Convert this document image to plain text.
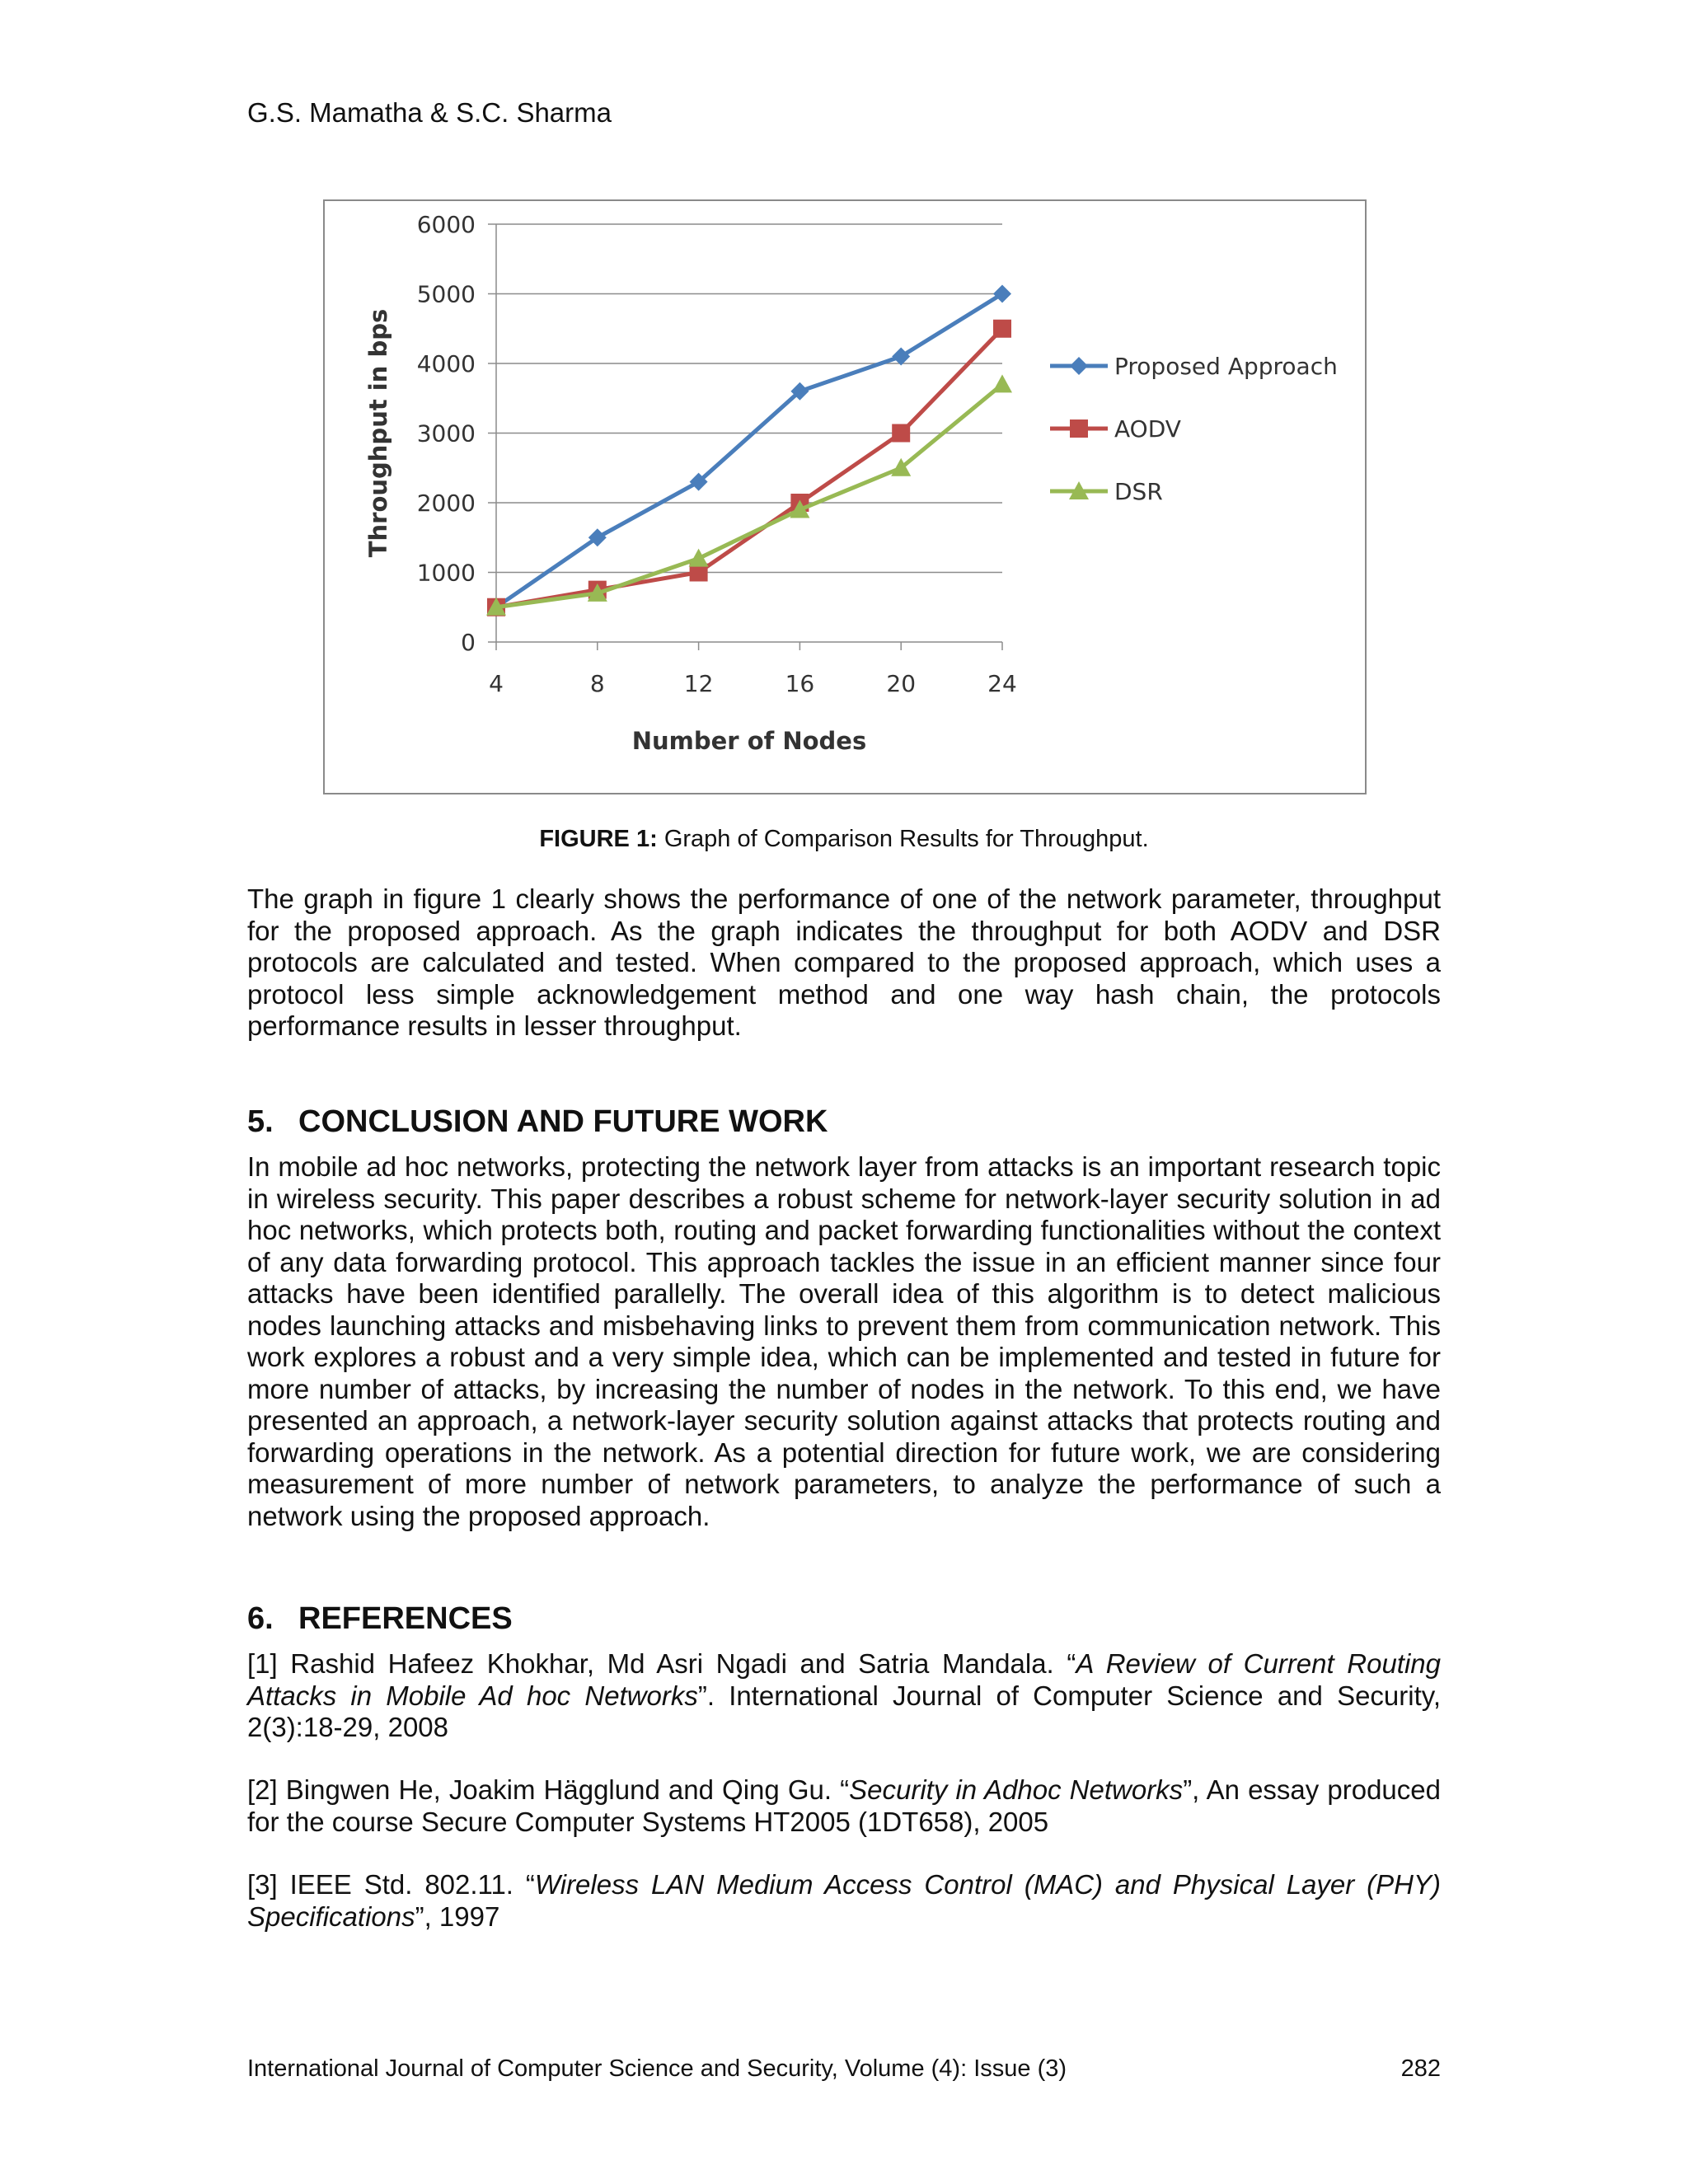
G.S. Mamatha & S.C. Sharma
0
1000
2000
3000
4000
5000
6000
4	8	12	16	20	24
Number of Nodes
Throughput in bps	Proposed Approach
AODV
DSR
FIGURE 1: Graph of Comparison Results for Throughput.

The graph in figure 1 clearly shows the performance of one of the network parameter, throughput for the proposed approach. As the graph indicates the throughput for both AODV and DSR protocols are calculated and tested. When compared to the proposed approach, which uses a protocol less simple acknowledgement method and one way hash chain, the protocols performance results in lesser throughput.

5. CONCLUSION AND FUTURE WORK

In mobile ad hoc networks, protecting the network layer from attacks is an important research topic in wireless security. This paper describes a robust scheme for network-layer security solution in ad hoc networks, which protects both, routing and packet forwarding functionalities without the context of any data forwarding protocol. This approach tackles the issue in an efficient manner since four attacks have been identified parallelly. The overall idea of this algorithm is to detect malicious nodes launching attacks and misbehaving links to prevent them from communication network. This work explores a robust and a very simple idea, which can be implemented and tested in future for more number of attacks, by increasing the number of nodes in the network. To this end, we have presented an approach, a network-layer security solution against attacks that protects routing and forwarding operations in the network. As a potential direction for future work, we are considering measurement of more number of network parameters, to analyze the performance of such a network using the proposed approach.

6. REFERENCES

[1] Rashid Hafeez Khokhar, Md Asri Ngadi and Satria Mandala. “A Review of Current Routing Attacks in Mobile Ad hoc Networks”. International Journal of Computer Science and Security, 2(3):18-29, 2008

[2] Bingwen He, Joakim Hägglund and Qing Gu. “Security in Adhoc Networks”, An essay produced for the course Secure Computer Systems HT2005 (1DT658), 2005

[3] IEEE Std. 802.11. “Wireless LAN Medium Access Control (MAC) and Physical Layer (PHY) Specifications”, 1997

International Journal of Computer Science and Security, Volume (4): Issue (3)	282
